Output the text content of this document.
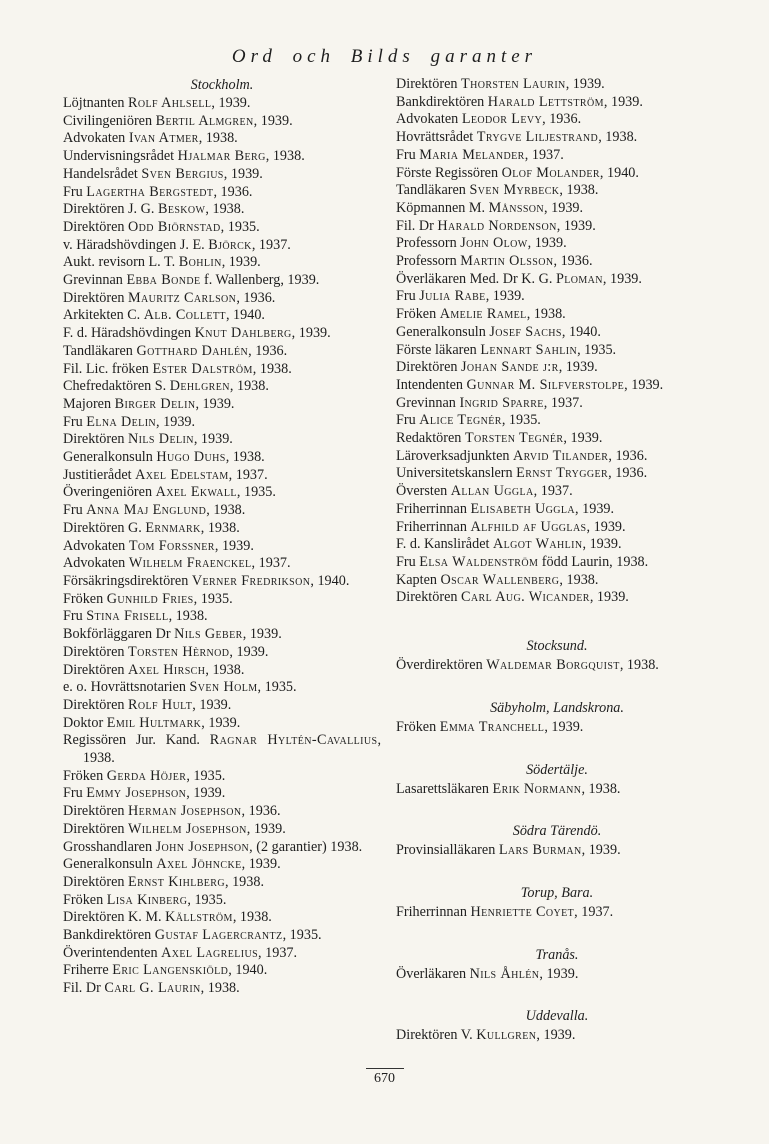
Ord och Bilds garanter
Stockholm.
Löjtnanten Rolf Ahlsell, 1939.
Civilingeniören Bertil Almgren, 1939.
Advokaten Ivan Atmer, 1938.
Undervisningsrådet Hjalmar Berg, 1938.
Handelsrådet Sven Bergius, 1939.
Fru Lagertha Bergstedt, 1936.
Direktören J. G. Beskow, 1938.
Direktören Odd Biörnstad, 1935.
v. Häradshövdingen J. E. Björck, 1937.
Aukt. revisorn L. T. Bohlin, 1939.
Grevinnan Ebba Bonde f. Wallenberg, 1939.
Direktören Mauritz Carlson, 1936.
Arkitekten C. Alb. Collett, 1940.
F. d. Häradshövdingen Knut Dahlberg, 1939.
Tandläkaren Gotthard Dahlén, 1936.
Fil. Lic. fröken Ester Dalström, 1938.
Chefredaktören S. Dehlgren, 1938.
Majoren Birger Delin, 1939.
Fru Elna Delin, 1939.
Direktören Nils Delin, 1939.
Generalkonsuln Hugo Duhs, 1938.
Justitierådet Axel Edelstam, 1937.
Överingeniören Axel Ekwall, 1935.
Fru Anna Maj Englund, 1938.
Direktören G. Ernmark, 1938.
Advokaten Tom Forssner, 1939.
Advokaten Wilhelm Fraenckel, 1937.
Försäkringsdirektören Verner Fredrikson, 1940.
Fröken Gunhild Fries, 1935.
Fru Stina Frisell, 1938.
Bokförläggaren Dr Nils Geber, 1939.
Direktören Torsten Hèrnod, 1939.
Direktören Axel Hirsch, 1938.
e. o. Hovrättsnotarien Sven Holm, 1935.
Direktören Rolf Hult, 1939.
Doktor Emil Hultmark, 1939.
Regissören Jur. Kand. Ragnar Hyltén-Cavallius, 1938.
Fröken Gerda Höjer, 1935.
Fru Emmy Josephson, 1939.
Direktören Herman Josephson, 1936.
Direktören Wilhelm Josephson, 1939.
Grosshandlaren John Josephson, (2 garantier) 1938.
Generalkonsuln Axel Jöhncke, 1939.
Direktören Ernst Kihlberg, 1938.
Fröken Lisa Kinberg, 1935.
Direktören K. M. Källström, 1938.
Bankdirektören Gustaf Lagercrantz, 1935.
Överintendenten Axel Lagrelius, 1937.
Friherre Eric Langenskiöld, 1940.
Fil. Dr Carl G. Laurin, 1938.
Direktören Thorsten Laurin, 1939.
Bankdirektören Harald Lettström, 1939.
Advokaten Leodor Levy, 1936.
Hovrättsrådet Trygve Liljestrand, 1938.
Fru Maria Melander, 1937.
Förste Regissören Olof Molander, 1940.
Tandläkaren Sven Myrbeck, 1938.
Köpmannen M. Månsson, 1939.
Fil. Dr Harald Nordenson, 1939.
Professorn John Olow, 1939.
Professorn Martin Olsson, 1936.
Överläkaren Med. Dr K. G. Ploman, 1939.
Fru Julia Rabe, 1939.
Fröken Amelie Ramel, 1938.
Generalkonsuln Josef Sachs, 1940.
Förste läkaren Lennart Sahlin, 1935.
Direktören Johan Sande j:r, 1939.
Intendenten Gunnar M. Silfverstolpe, 1939.
Grevinnan Ingrid Sparre, 1937.
Fru Alice Tegnér, 1935.
Redaktören Torsten Tegnér, 1939.
Läroverksadjunkten Arvid Tilander, 1936.
Universitetskanslern Ernst Trygger, 1936.
Översten Allan Uggla, 1937.
Friherrinnan Elisabeth Uggla, 1939.
Friherrinnan Alfhild af Ugglas, 1939.
F. d. Kanslirådet Algot Wahlin, 1939.
Fru Elsa Waldenström född Laurin, 1938.
Kapten Oscar Wallenberg, 1938.
Direktören Carl Aug. Wicander, 1939.
Stocksund.
Överdirektören Waldemar Borgquist, 1938.
Säbyholm, Landskrona.
Fröken Emma Tranchell, 1939.
Södertälje.
Lasarettsläkaren Erik Normann, 1938.
Södra Tärendö.
Provinsialläkaren Lars Burman, 1939.
Torup, Bara.
Friherrinnan Henriette Coyet, 1937.
Tranås.
Överläkaren Nils Åhlén, 1939.
Uddevalla.
Direktören V. Kullgren, 1939.
670
